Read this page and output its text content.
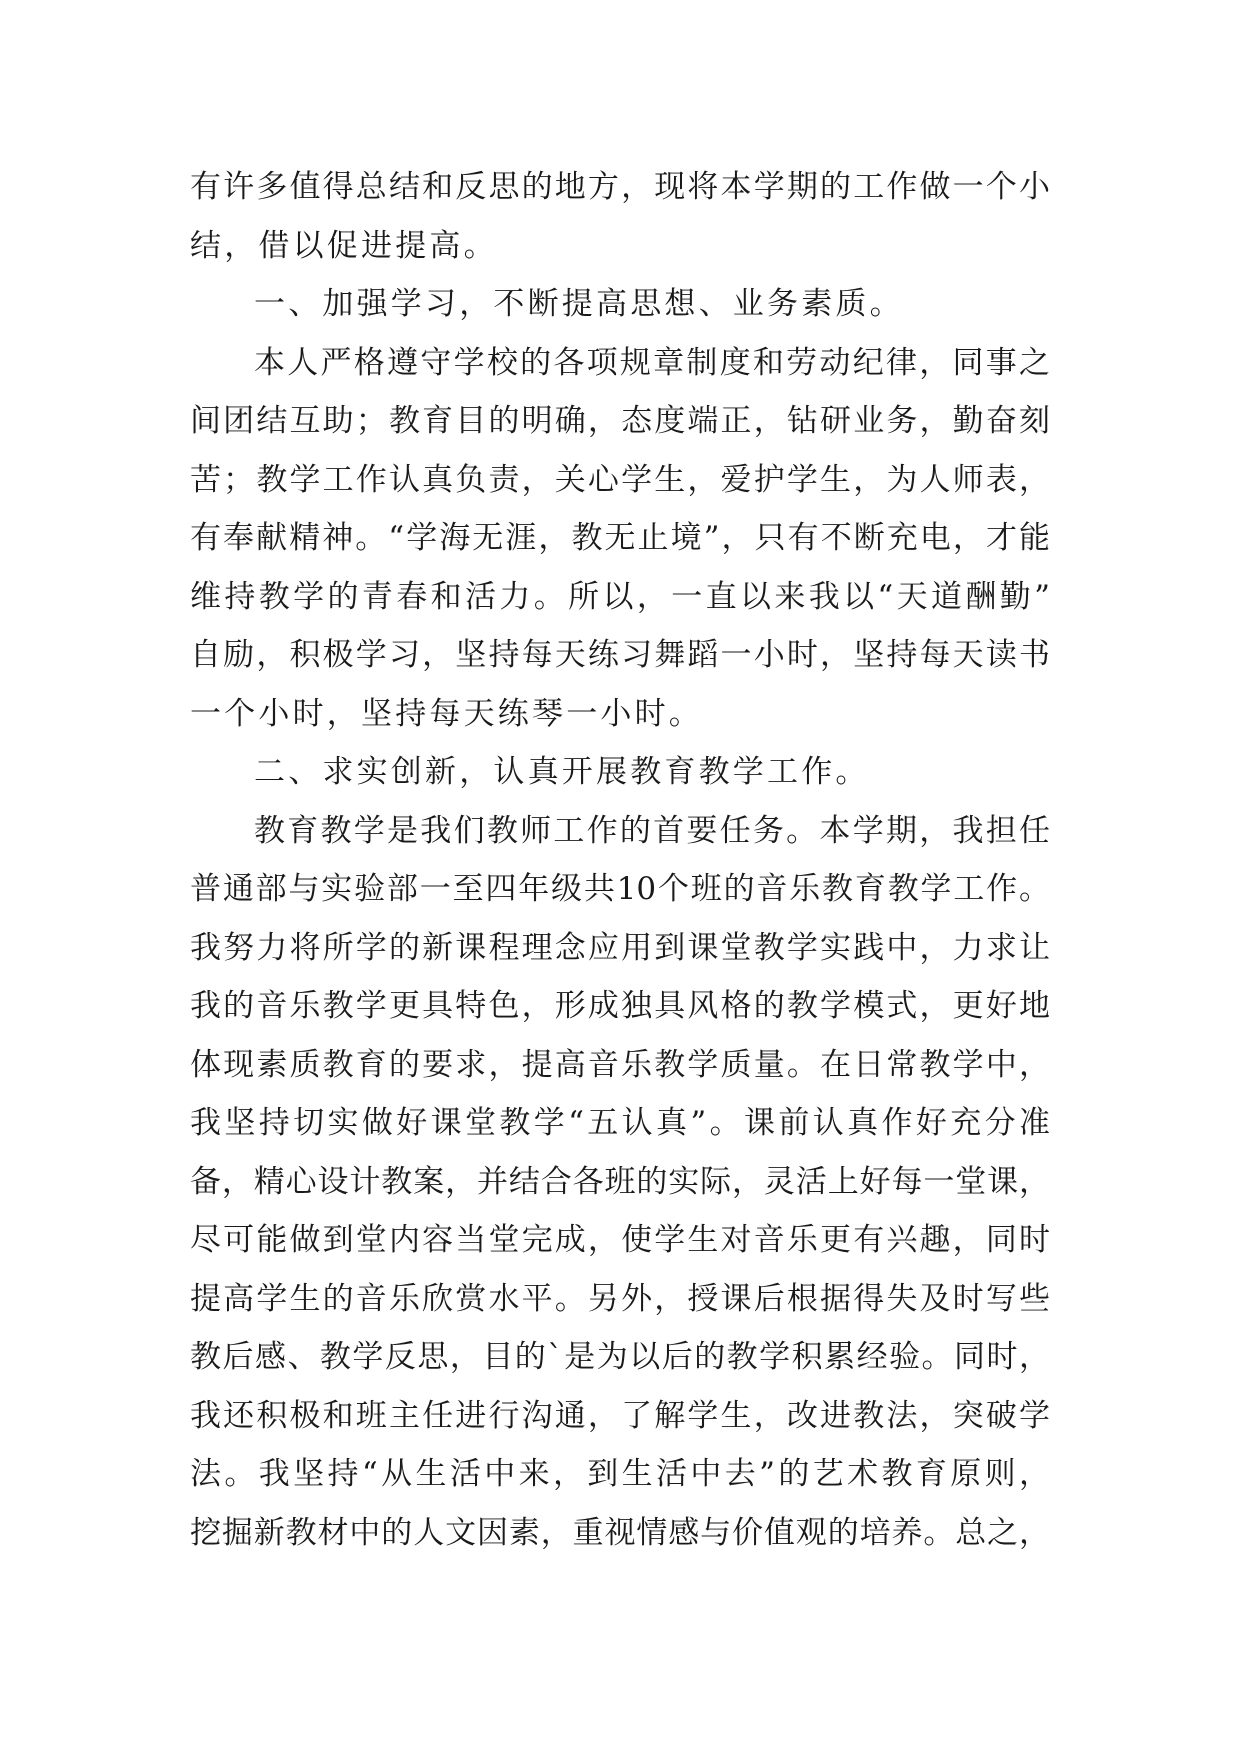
有许多值得总结和反思的地方，现将本学期的工作做一个小
结，借以促进提高。
一、加强学习，不断提高思想、业务素质。
本人严格遵守学校的各项规章制度和劳动纪律，同事之
间团结互助；教育目的明确，态度端正，钻研业务，勤奋刻
苦；教学工作认真负责，关心学生，爱护学生，为人师表，
有奉献精神。“学海无涯，教无止境”，只有不断充电，才能
维持教学的青春和活力。所以，一直以来我以“天道酬勤”
自励，积极学习，坚持每天练习舞蹈一小时，坚持每天读书
一个小时，坚持每天练琴一小时。
二、求实创新，认真开展教育教学工作。
教育教学是我们教师工作的首要任务。本学期，我担任
普通部与实验部一至四年级共10个班的音乐教育教学工作。
我努力将所学的新课程理念应用到课堂教学实践中，力求让
我的音乐教学更具特色，形成独具风格的教学模式，更好地
体现素质教育的要求，提高音乐教学质量。在日常教学中，
我坚持切实做好课堂教学“五认真”。课前认真作好充分准
备，精心设计教案，并结合各班的实际，灵活上好每一堂课，
尽可能做到堂内容当堂完成，使学生对音乐更有兴趣，同时
提高学生的音乐欣赏水平。另外，授课后根据得失及时写些
教后感、教学反思，目的`是为以后的教学积累经验。同时，
我还积极和班主任进行沟通，了解学生，改进教法，突破学
法。我坚持“从生活中来，到生活中去”的艺术教育原则，
挖掘新教材中的人文因素，重视情感与价值观的培养。总之，
